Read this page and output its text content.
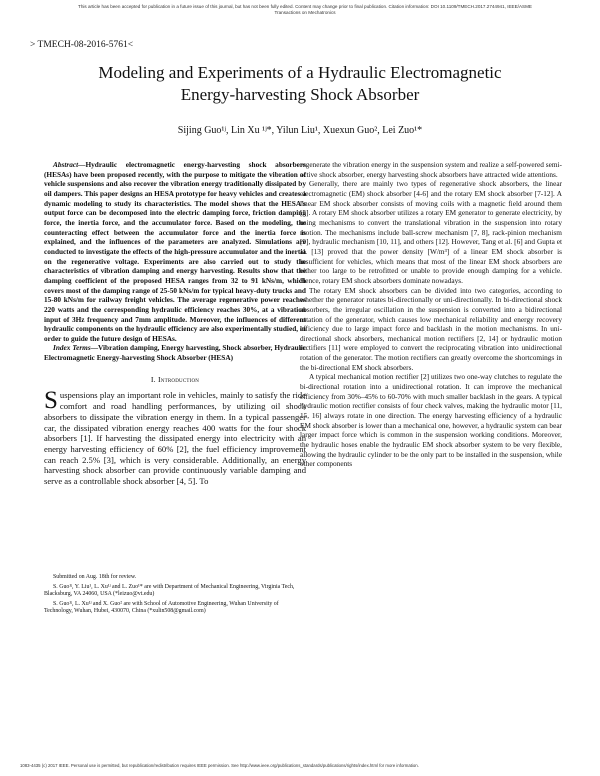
This article has been accepted for publication in a future issue of this journal, but has not been fully edited. Content may change prior to final publication. Citation information: DOI 10.1109/TMECH.2017.2744941, IEEE/ASME
Transactions on Mechatronics
> TMECH-08-2016-5761<
Modeling and Experiments of a Hydraulic Electromagnetic
Energy-harvesting Shock Absorber
Sijing Guo¹ʲ, Lin Xu ¹ʲ*, Yilun Liu¹, Xuexun Guo², Lei Zuo¹*

Abstract—Hydraulic electromagnetic energy-harvesting shock absorbers (HESAs) have been proposed recently, with the purpose to mitigate the vibration of vehicle suspensions and also recover the vibration energy traditionally dissipated by oil dampers. This paper designs an HESA prototype for heavy vehicles and creates a dynamic modeling to study its characteristics. The model shows that the HESA's output force can be decomposed into the electric damping force, friction damping force, the inertia force, and the accumulator force. Based on the modeling, the counteracting effect between the accumulator force and the inertia force is explained, and the influences of the parameters are analyzed. Simulations are conducted to investigate the effects of the high-pressure accumulator and the inertia on the regenerative voltage. Experiments are also carried out to study the characteristics of vibration damping and energy harvesting. Results show that the damping coefficient of the proposed HESA ranges from 32 to 91 kNs/m, which covers most of the damping range of 25-50 kNs/m for typical heavy-duty trucks and 15-80 kNs/m for railway freight vehicles. The average regenerative power reaches 220 watts and the corresponding hydraulic efficiency reaches 30%, at a vibration input of 3Hz frequency and 7mm amplitude. Moreover, the influences of different hydraulic components on the hydraulic efficiency are also experimentally studied, in order to guide the future design of HESAs.

Index Terms—Vibration damping, Energy harvesting, Shock absorber, Hydraulic Electromagnetic Energy-harvesting Shock Absorber (HESA)

I. Introduction

Suspensions play an important role in vehicles, mainly to satisfy the ride comfort and road handling performances, by utilizing oil shock absorbers to dissipate the vibration energy in them. In a typical passenger car, the dissipated vibration energy reaches 400 watts for the four shock absorbers [1]. If harvesting the dissipated energy into electricity with an energy harvesting efficiency of 60% [2], the fuel efficiency improvement can reach 2.5% [3], which is very considerable. Additionally, an energy harvesting shock absorber can provide continuously variable damping and serve as a controllable shock absorber [4, 5]. To

Submitted on Aug. 18th for review.

S. Guo¹ʲ, Y. Liu¹, L. Xu¹ʲ and L. Zuo¹* are with Department of Mechanical Engineering, Virginia Tech, Blacksburg, VA 24060, USA (*leizuo@vt.edu)

S. Guo¹ʲ, L. Xu¹ʲ and X. Guo² are with School of Automotive Engineering, Wuhan University of Technology, Wuhan, Hubei, 430070, China (*xulin508@gmail.com)

regenerate the vibration energy in the suspension system and realize a self-powered semi-active shock absorber, energy harvesting shock absorbers have attracted wide attentions.

Generally, there are mainly two types of regenerative shock absorbers, the linear electromagnetic (EM) shock absorber [4-6] and the rotary EM shock absorber [7-12]. A linear EM shock absorber consists of moving coils with a magnetic field around them [5]. A rotary EM shock absorber utilizes a rotary EM generator to generate electricity, by using mechanisms to convert the translational vibration in the suspension into rotary motion. The mechanisms include ball-screw mechanism [7, 8], rack-pinion mechanism [9], hydraulic mechanism [10, 11], and others [12]. However, Tang et al. [6] and Gupta et al. [13] proved that the power density [W/m³] of a linear EM shock absorber is insufficient for vehicles, which means that most of the linear EM shock absorbers are either too large to be retrofitted or unable to provide enough damping for a vehicle. Hence, rotary EM shock absorbers dominate nowadays.

The rotary EM shock absorbers can be divided into two categories, according to whether the generator rotates bi-directionally or uni-directionally. In bi-directional shock absorbers, the irregular oscillation in the suspension is converted into a bidirectional rotation of the generator, which causes low mechanical reliability and energy recovery efficiency due to large impact force and backlash in the motion mechanisms. In uni-directional shock absorbers, mechanical motion rectifiers [2, 14] or hydraulic motion rectifiers [11] were employed to convert the reciprocating vibration into unidirectional rotation of the generator. The motion rectifiers can greatly overcome the shortcomings in the bi-directional EM shock absorbers.

A typical mechanical motion rectifier [2] utilizes two one-way clutches to regulate the bi-directional rotation into a unidirectional rotation. It can improve the mechanical efficiency from 30%–45% to 60-70% with much smaller backlash in the gears. A typical hydraulic motion rectifier consists of four check valves, making the hydraulic motor [11, 15, 16] always rotate in one direction. The energy harvesting efficiency of a hydraulic EM shock absorber is lower than a mechanical one, however, a hydraulic system can bear larger impact force which is common in the suspension working conditions. Moreover, the hydraulic hoses enable the hydraulic EM shock absorber system to be very flexible, allowing the hydraulic cylinder to be the only part to be installed in the suspension, while other components

1083-4435 (c) 2017 IEEE. Personal use is permitted, but republication/redistribution requires IEEE permission. See http://www.ieee.org/publications_standards/publications/rights/index.html for more information.
